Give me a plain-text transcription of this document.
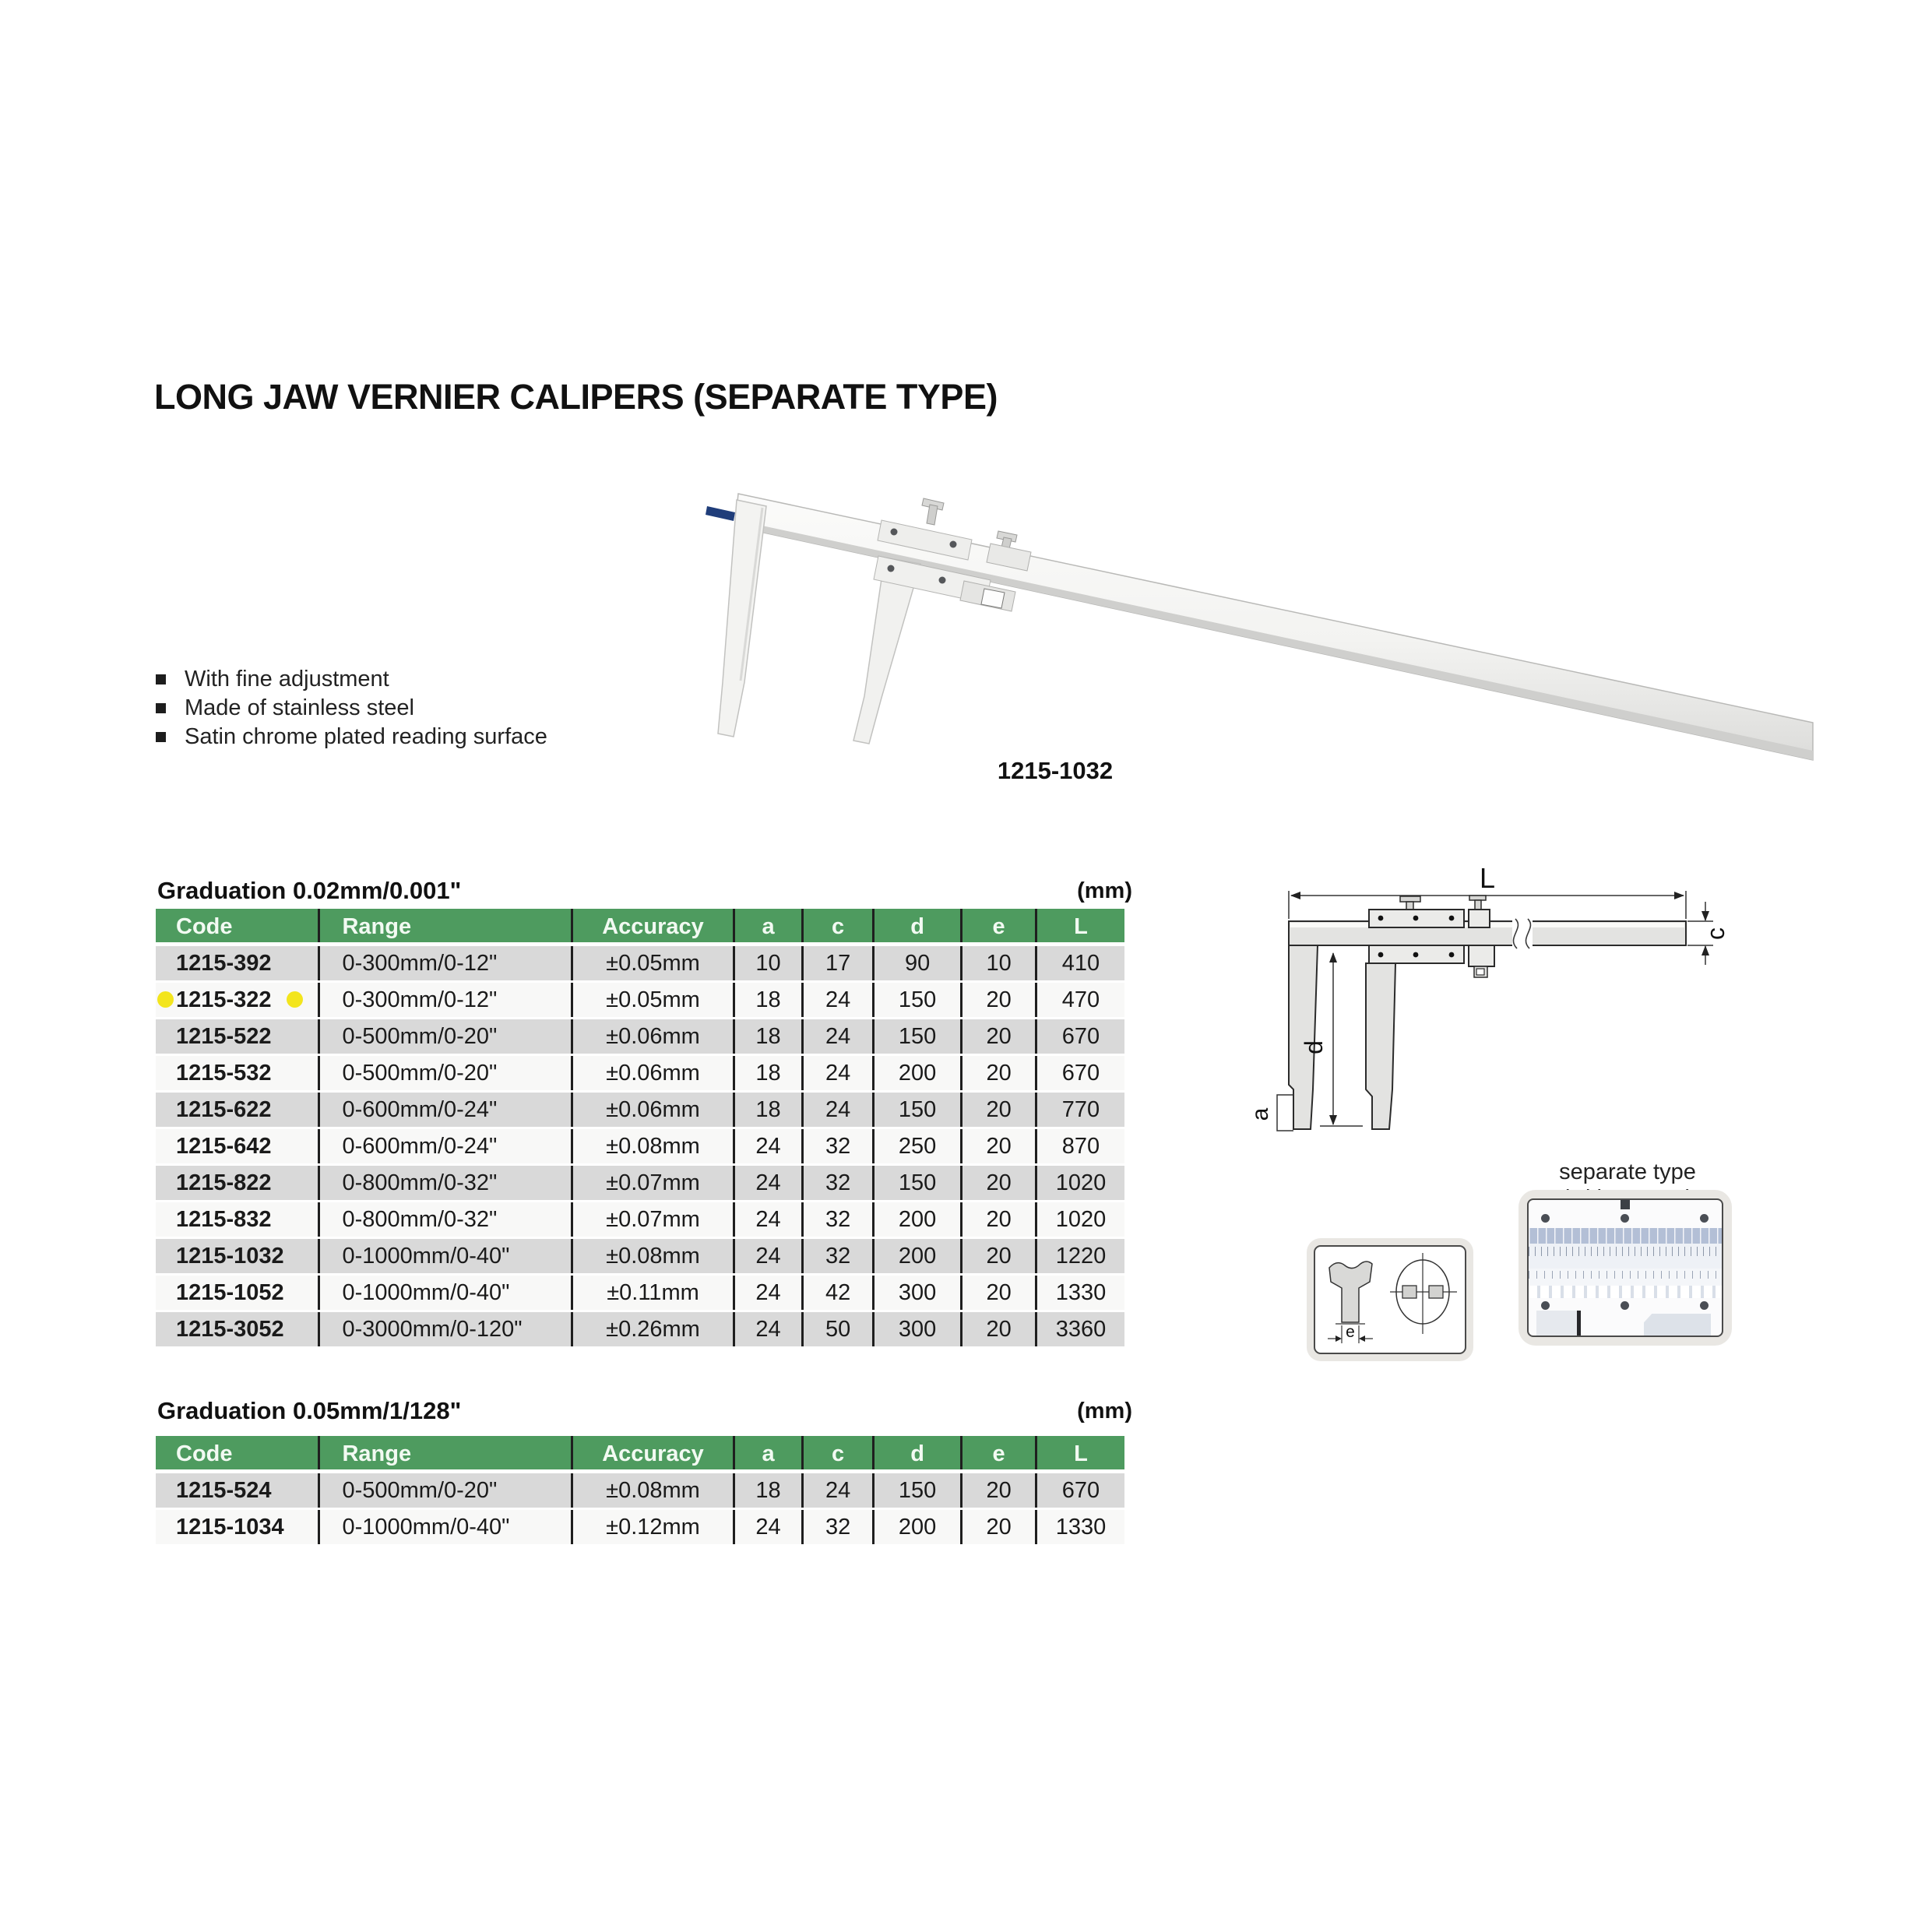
LONG JAW VERNIER CALIPERS (SEPARATE TYPE)
1215-1032
With fine adjustment
Made of stainless steel
Satin chrome plated reading surface
Graduation 0.02mm/0.001"	(mm)
Code	Range	Accuracy	a	c	d	e	L
1215-392	0-300mm/0-12"	±0.05mm	10	17	90	10	410
1215-322	0-300mm/0-12"	±0.05mm	18	24	150	20	470
1215-522	0-500mm/0-20"	±0.06mm	18	24	150	20	670
1215-532	0-500mm/0-20"	±0.06mm	18	24	200	20	670
1215-622	0-600mm/0-24"	±0.06mm	18	24	150	20	770
1215-642	0-600mm/0-24"	±0.08mm	24	32	250	20	870
1215-822	0-800mm/0-32"	±0.07mm	24	32	150	20	1020
1215-832	0-800mm/0-32"	±0.07mm	24	32	200	20	1020
1215-1032	0-1000mm/0-40"	±0.08mm	24	32	200	20	1220
1215-1052	0-1000mm/0-40"	±0.11mm	24	42	300	20	1330
1215-3052	0-3000mm/0-120"	±0.26mm	24	50	300	20	3360
Graduation 0.05mm/1/128"	(mm)
Code	Range	Accuracy	a	c	d	e	L
1215-524	0-500mm/0-20"	±0.08mm	18	24	150	20	670
1215-1034	0-1000mm/0-40"	±0.12mm	24	32	200	20	1330
L
d
a
c
separate type
e
